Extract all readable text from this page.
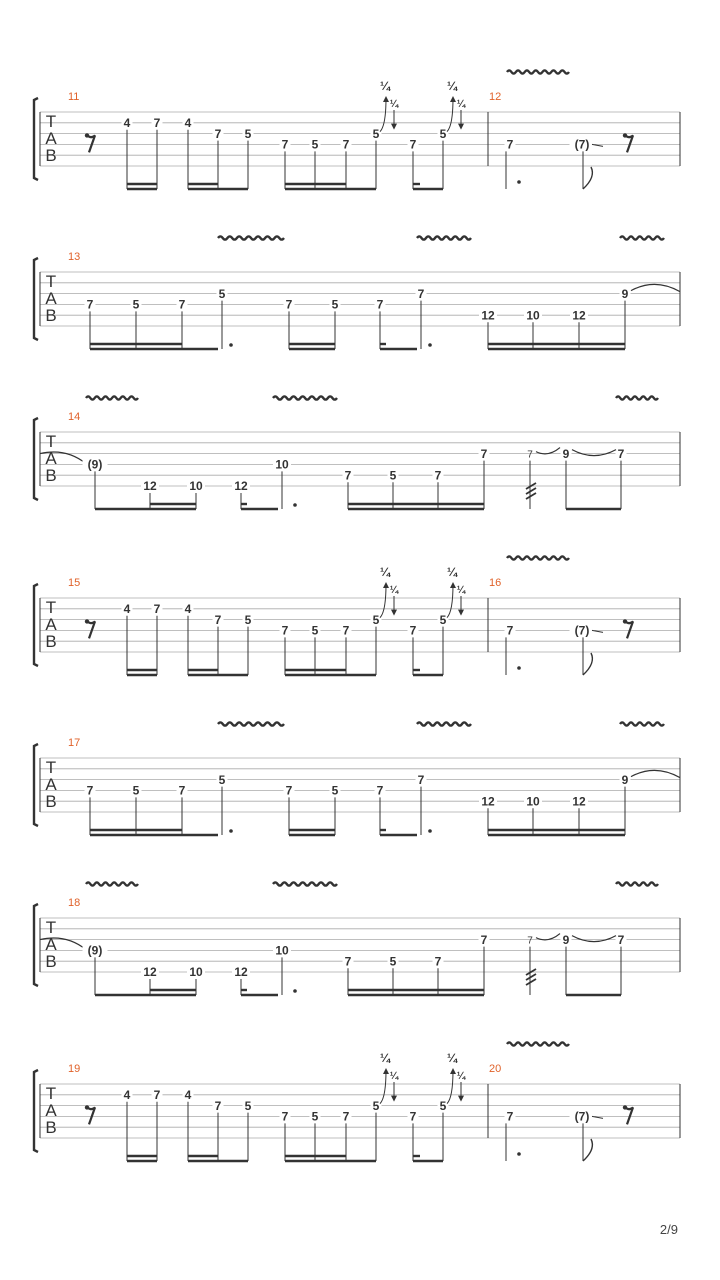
T
A
B
11
4 7 4
7 5
7 5 7
5
7
5
¼
¼
¼
¼
12
7	(7)
T
A
B
13
7	5	7
5
7	5	7
7
12	10	12
9
T
A
B
14
(9)
12	10	12
10
7	5	7
7	7 9	7
T
A
B
15
4 7 4
7 5
7 5 7
5
7
5
¼
¼
¼
¼
16
7	(7)
T
A
B
17
7	5	7
5
7	5	7
7
12	10	12
9
T
A
B
18
(9)
12	10	12
10
7	5	7
7	7 9	7
T
A
B
19
4 7 4
7 5
7 5 7
5
7
5
¼
¼
¼
¼
20
7	(7)
2/9
